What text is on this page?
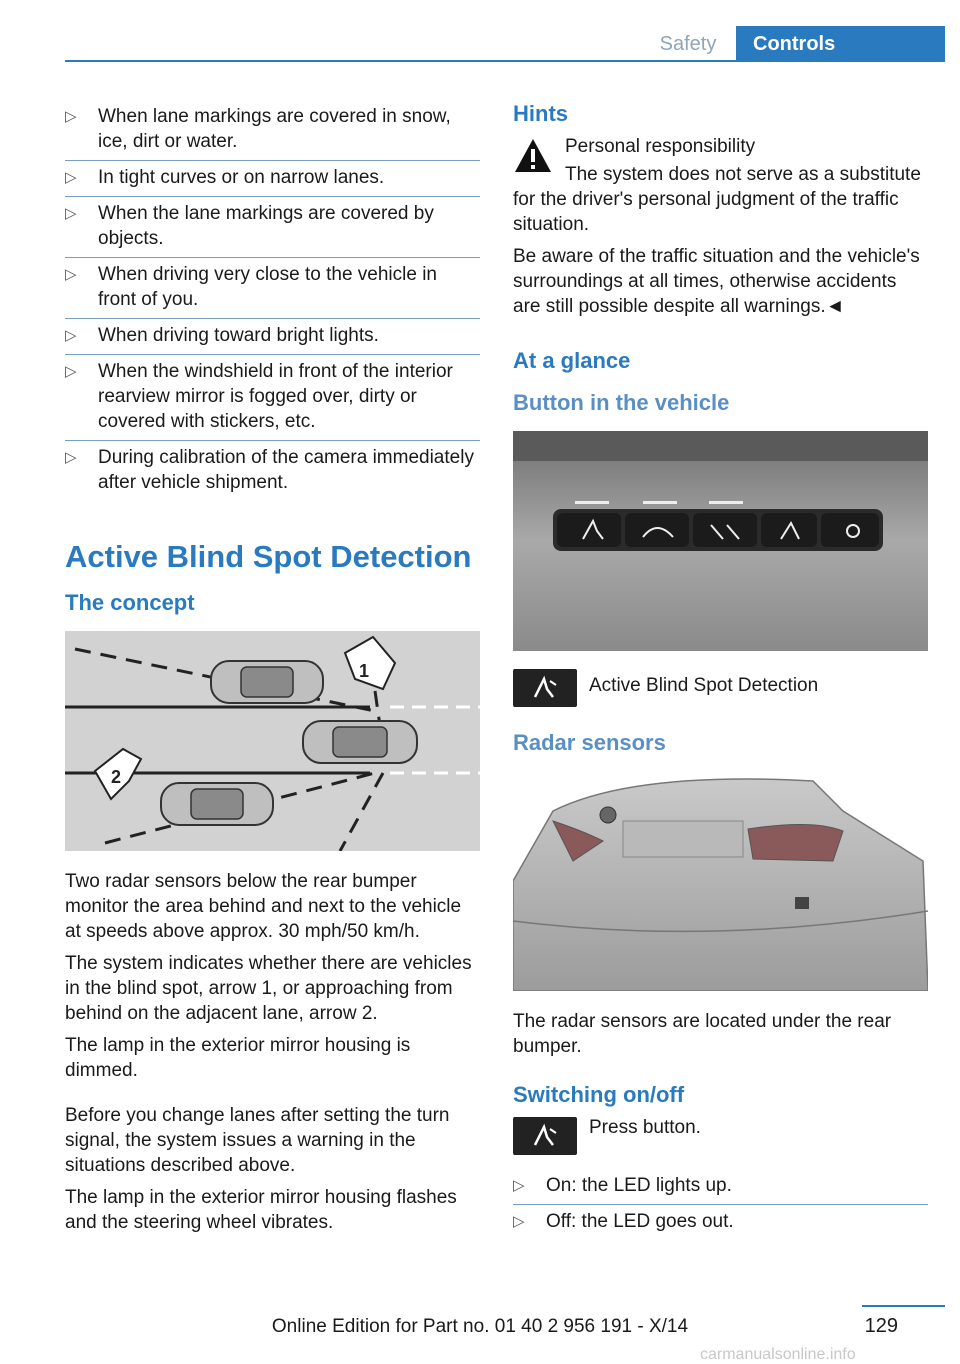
Safety	Controls
▷ When lane markings are covered in snow, ice, dirt or water.
▷ In tight curves or on narrow lanes.
▷ When the lane markings are covered by objects.
▷ When driving very close to the vehicle in front of you.
▷ When driving toward bright lights.
▷ When the windshield in front of the interior rearview mirror is fogged over, dirty or covered with stickers, etc.
▷ During calibration of the camera immediately after vehicle shipment.
Active Blind Spot Detection
The concept
1
2

Two radar sensors below the rear bumper monitor the area behind and next to the vehicle at speeds above approx. 30 mph/50 km/h.

The system indicates whether there are vehicles in the blind spot, arrow 1, or approaching from behind on the adjacent lane, arrow 2.

The lamp in the exterior mirror housing is dimmed.

Before you change lanes after setting the turn signal, the system issues a warning in the situations described above.

The lamp in the exterior mirror housing flashes and the steering wheel vibrates.

Hints
Personal responsibility
The system does not serve as a substitute for the driver's personal judgment of the traffic situation.
Be aware of the traffic situation and the vehicle's surroundings at all times, otherwise accidents are still possible despite all warnings.◄
At a glance
Button in the vehicle
Active Blind Spot Detection
Radar sensors

The radar sensors are located under the rear bumper.

Switching on/off
Press button.
▷ On: the LED lights up.
▷ Off: the LED goes out.
129
Online Edition for Part no. 01 40 2 956 191 - X/14
carmanualsonline.info
